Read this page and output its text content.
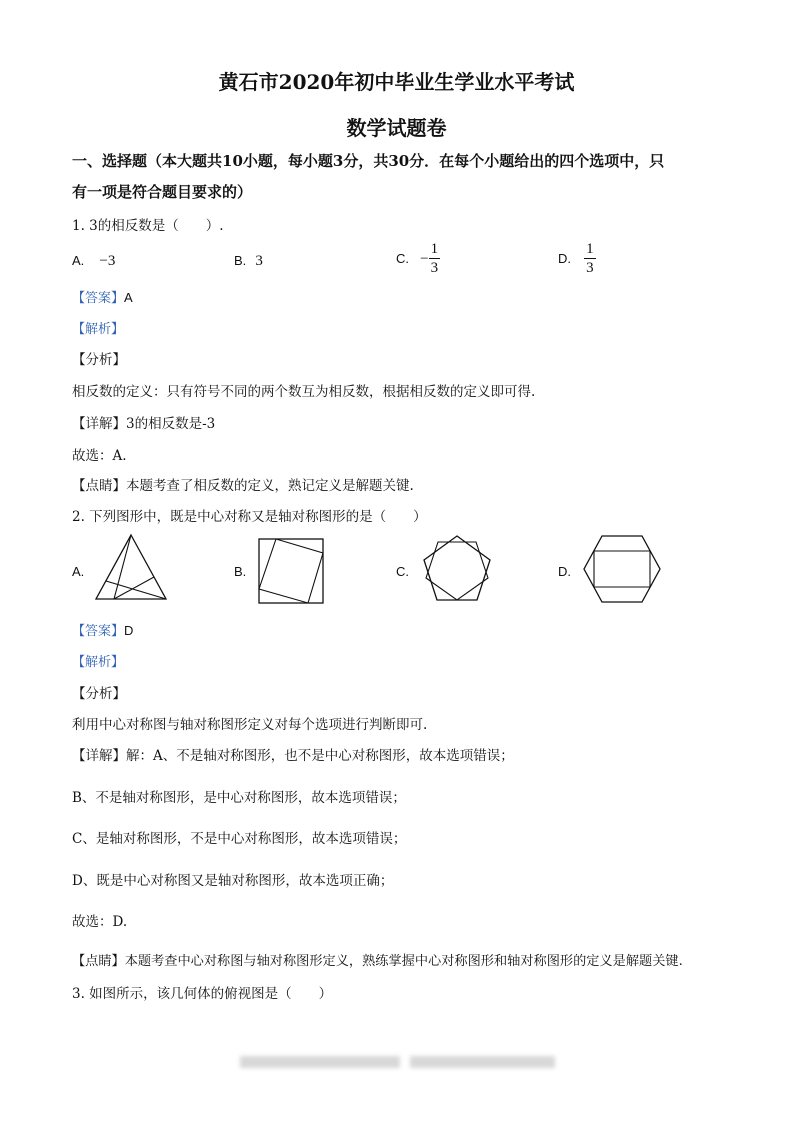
黄石市2020年初中毕业生学业水平考试
数学试题卷
一、选择题（本大题共10小题，每小题3分，共30分．在每个小题给出的四个选项中，只
有一项是符合题目要求的）
1. 3的相反数是（　　）.
A. −3	B. 3	C. − $\frac{1}{3}$	D. $\frac{1}{3}$
【答案】A
【解析】
【分析】
相反数的定义：只有符号不同的两个数互为相反数，根据相反数的定义即可得.
【详解】3的相反数是-3
故选：A.
【点睛】本题考查了相反数的定义，熟记定义是解题关键.
2. 下列图形中，既是中心对称又是轴对称图形的是（　　）
A.	B.	C.	D.
【答案】D
【解析】
【分析】
利用中心对称图与轴对称图形定义对每个选项进行判断即可.
【详解】解：A、不是轴对称图形，也不是中心对称图形，故本选项错误；
B、不是轴对称图形，是中心对称图形，故本选项错误；
C、是轴对称图形，不是中心对称图形，故本选项错误；
D、既是中心对称图又是轴对称图形，故本选项正确；
故选：D.
【点睛】本题考查中心对称图与轴对称图形定义，熟练掌握中心对称图形和轴对称图形的定义是解题关键.
3. 如图所示，该几何体的俯视图是（　　）
